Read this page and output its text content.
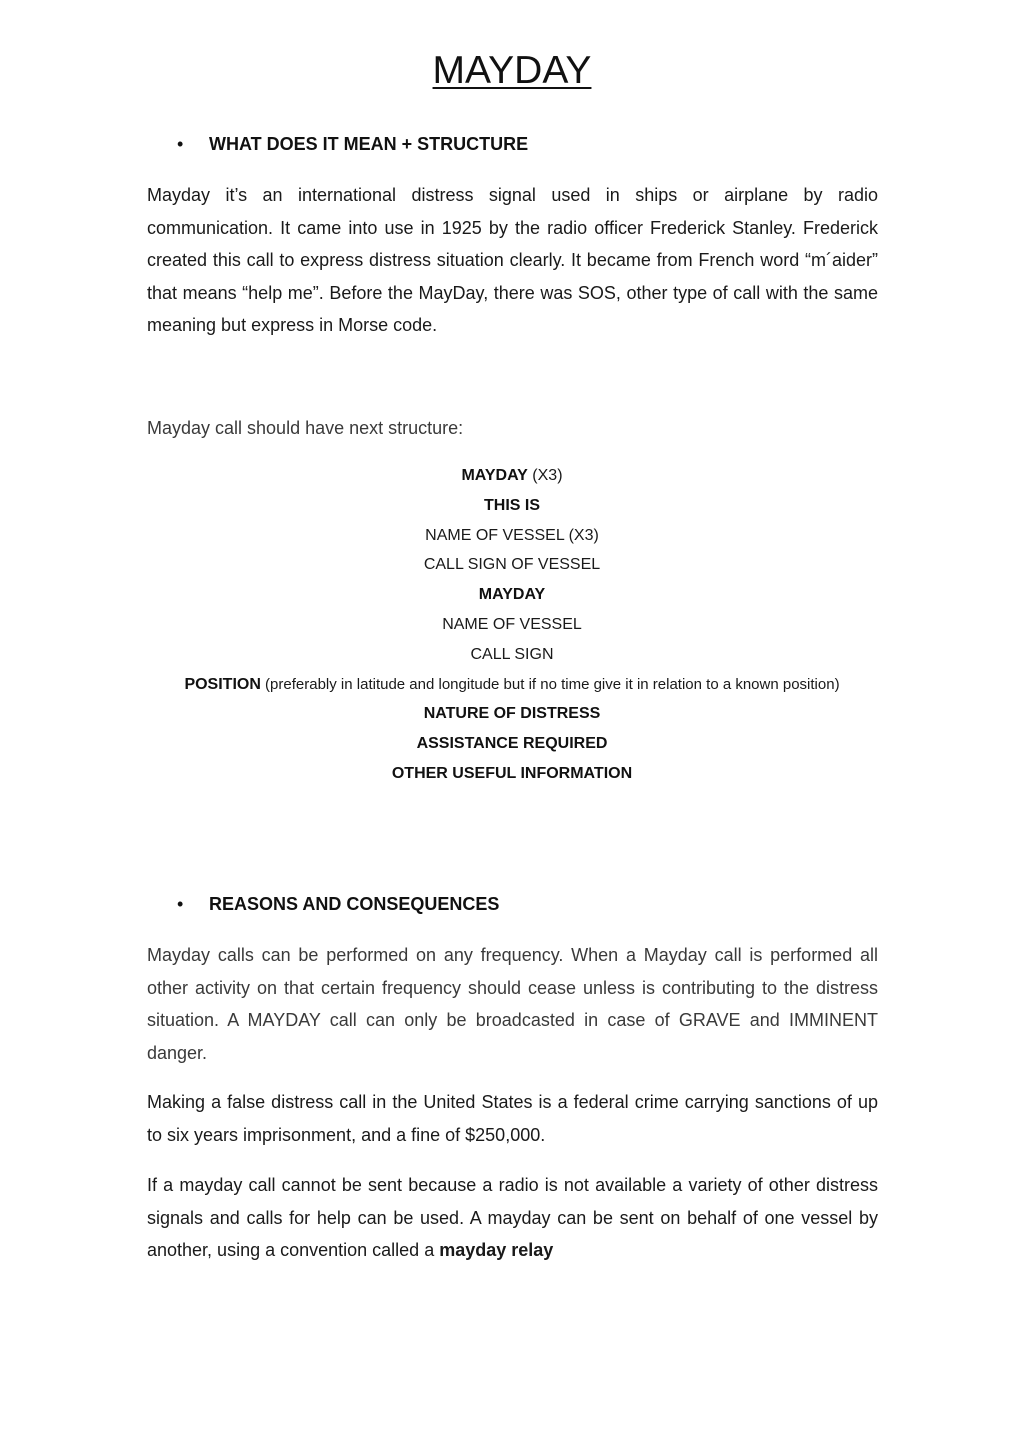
MAYDAY
• WHAT DOES IT MEAN + STRUCTURE
Mayday it’s an international distress signal used in ships or airplane by radio communication. It came into use in 1925 by the radio officer Frederick Stanley. Frederick created this call to express distress situation clearly. It became from French word “m´aider” that means “help me”. Before the MayDay, there was SOS, other type of call with the same meaning but express in Morse code.
Mayday call should have next structure:
MAYDAY (X3)
THIS IS
NAME OF VESSEL (X3)
CALL SIGN OF VESSEL
MAYDAY
NAME OF VESSEL
CALL SIGN
POSITION (preferably in latitude and longitude but if no time give it in relation to a known position)
NATURE OF DISTRESS
ASSISTANCE REQUIRED
OTHER USEFUL INFORMATION
• REASONS AND CONSEQUENCES
Mayday calls can be performed on any frequency. When a Mayday call is performed all other activity on that certain frequency should cease unless is contributing to the distress situation. A MAYDAY call can only be broadcasted in case of GRAVE and IMMINENT danger.
Making a false distress call in the United States is a federal crime carrying sanctions of up to six years imprisonment, and a fine of $250,000.
If a mayday call cannot be sent because a radio is not available a variety of other distress signals and calls for help can be used. A mayday can be sent on behalf of one vessel by another, using a convention called a mayday relay
